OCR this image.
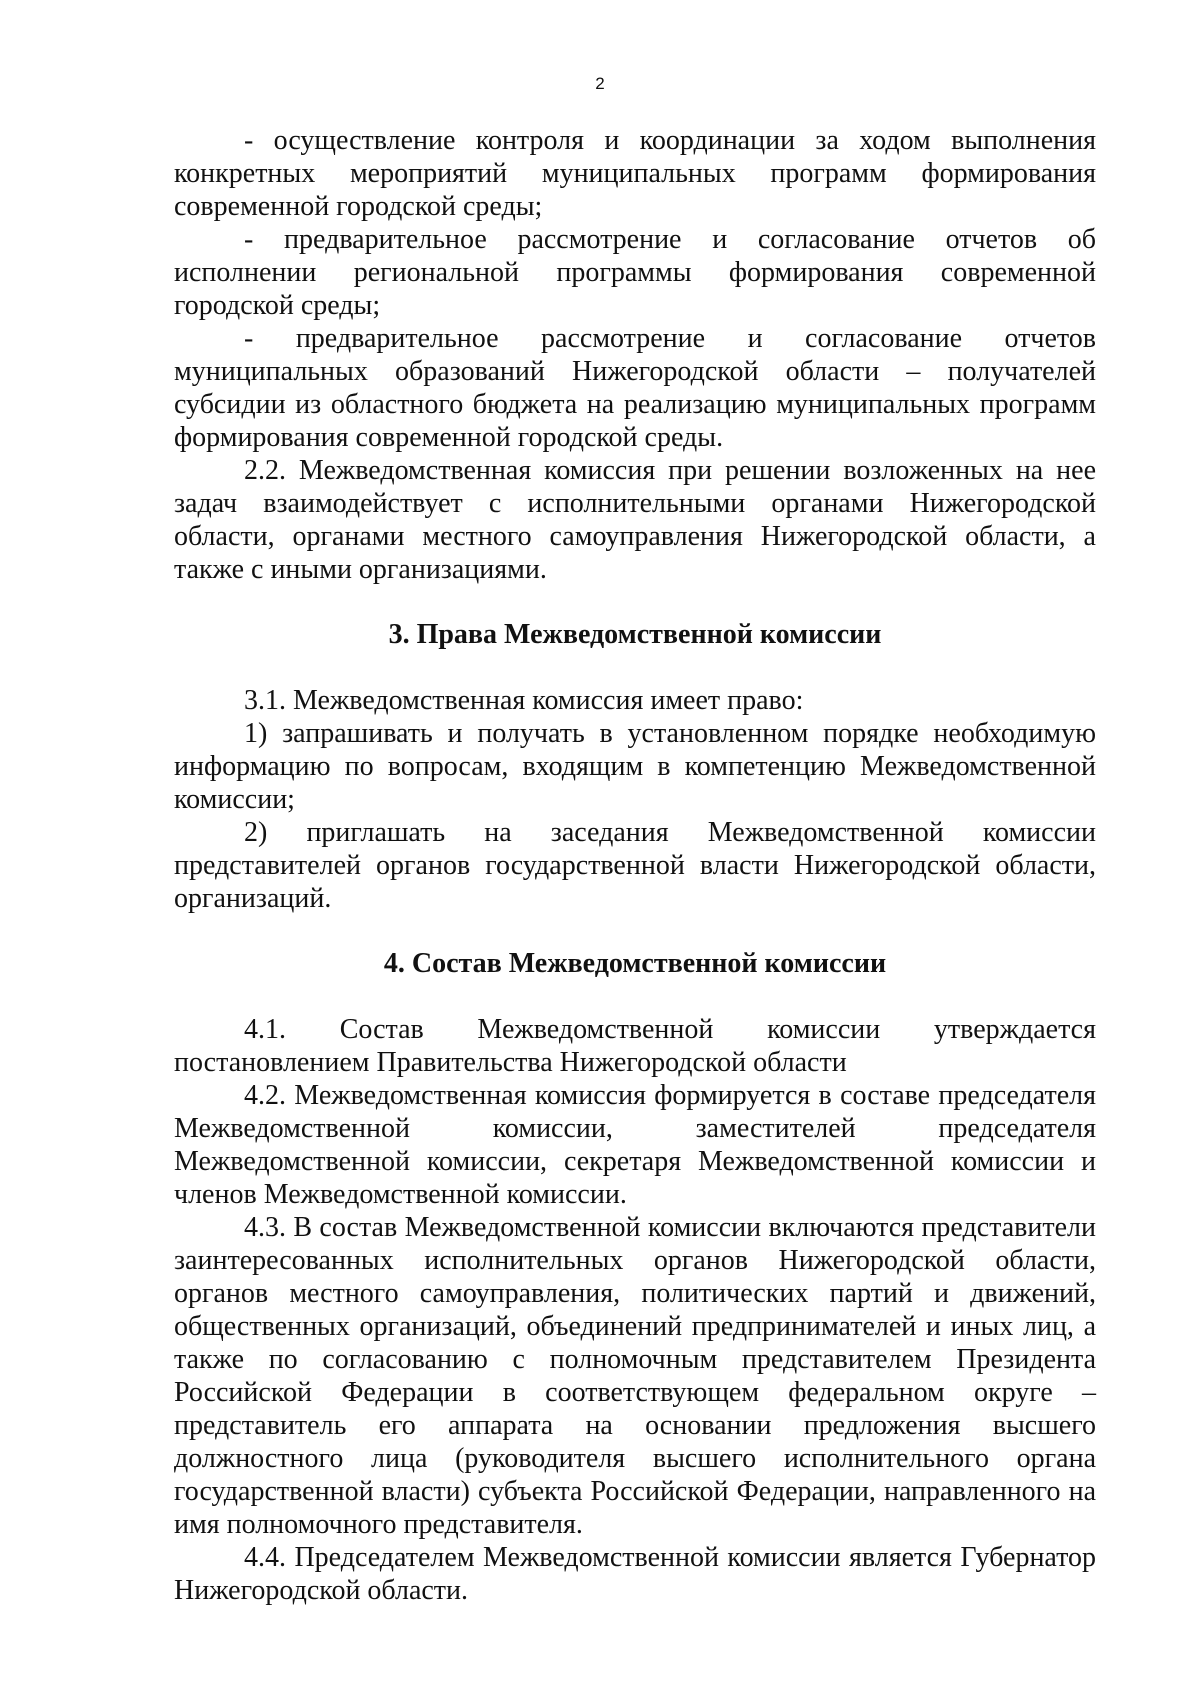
2

- осуществление контроля и координации за ходом выполнения конкретных мероприятий муниципальных программ формирования современной городской среды;

- предварительное рассмотрение и согласование отчетов об исполнении региональной программы формирования современной городской среды;

- предварительное рассмотрение и согласование отчетов муниципальных образований Нижегородской области – получателей субсидии из областного бюджета на реализацию муниципальных программ формирования современной городской среды.

2.2. Межведомственная комиссия при решении возложенных на нее задач взаимодействует с исполнительными органами Нижегородской области, органами местного самоуправления Нижегородской области, а также с иными организациями.

3. Права Межведомственной комиссии

3.1. Межведомственная комиссия имеет право:

1) запрашивать и получать в установленном порядке необходимую информацию по вопросам, входящим в компетенцию Межведомственной комиссии;

2) приглашать на заседания Межведомственной комиссии представителей органов государственной власти Нижегородской области, организаций.

4. Состав Межведомственной комиссии

4.1. Состав Межведомственной комиссии утверждается постановлением Правительства Нижегородской области

4.2. Межведомственная комиссия формируется в составе председателя Межведомственной комиссии, заместителей председателя Межведомственной комиссии, секретаря Межведомственной комиссии и членов Межведомственной комиссии.

4.3. В состав Межведомственной комиссии включаются представители заинтересованных исполнительных органов Нижегородской области, органов местного самоуправления, политических партий и движений, общественных организаций, объединений предпринимателей и иных лиц, а также по согласованию с полномочным представителем Президента Российской Федерации в соответствующем федеральном округе – представитель его аппарата на основании предложения высшего должностного лица (руководителя высшего исполнительного органа государственной власти) субъекта Российской Федерации, направленного на имя полномочного представителя.

4.4. Председателем Межведомственной комиссии является Губернатор Нижегородской области.
